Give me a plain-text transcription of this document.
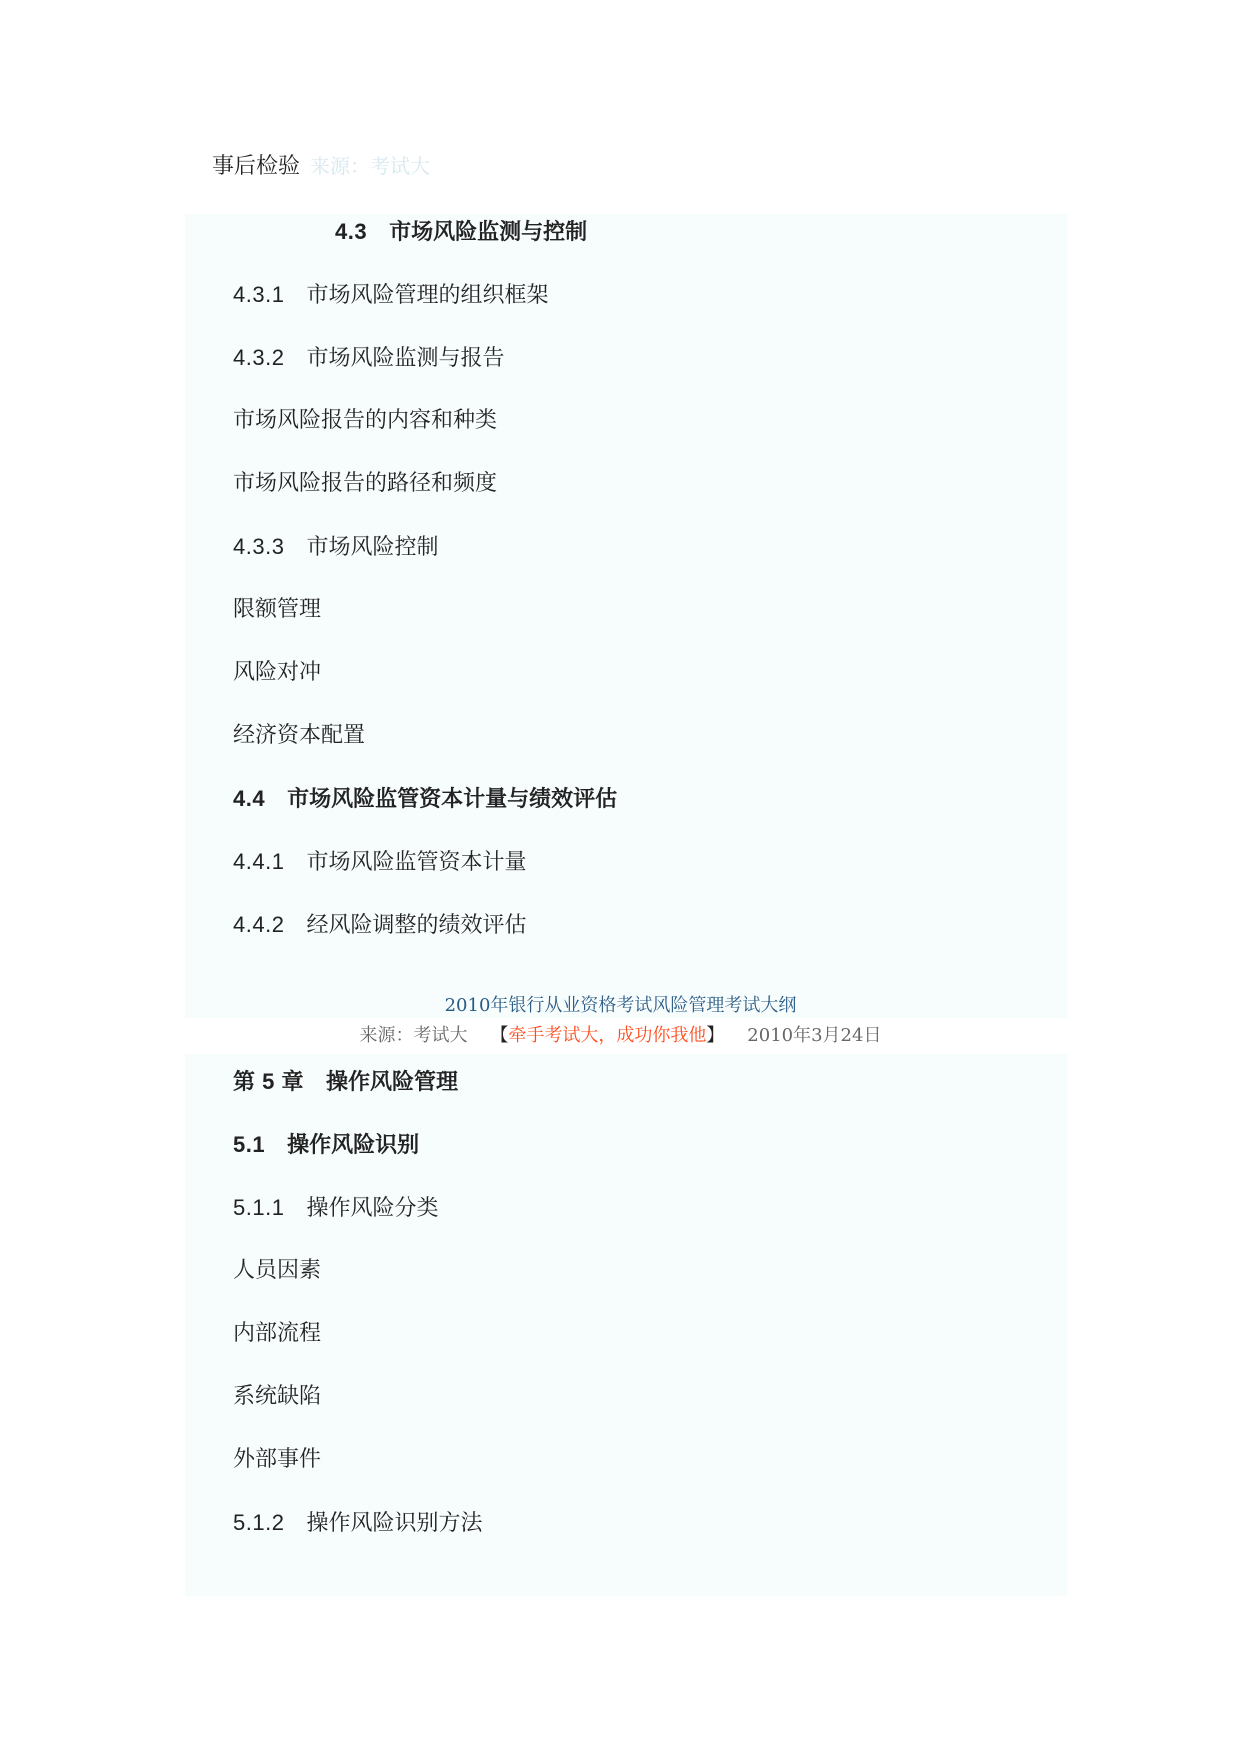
事后检验 来源：考试大
4.3 市场风险监测与控制
4.3.1 市场风险管理的组织框架
4.3.2 市场风险监测与报告
市场风险报告的内容和种类
市场风险报告的路径和频度
4.3.3 市场风险控制
限额管理
风险对冲
经济资本配置
4.4 市场风险监管资本计量与绩效评估
4.4.1 市场风险监管资本计量
4.4.2 经风险调整的绩效评估
2010年银行从业资格考试风险管理考试大纲
来源：考试大 【牵手考试大，成功你我他】 2010年3月24日
第 5 章 操作风险管理
5.1 操作风险识别
5.1.1 操作风险分类
人员因素
内部流程
系统缺陷
外部事件
5.1.2 操作风险识别方法
